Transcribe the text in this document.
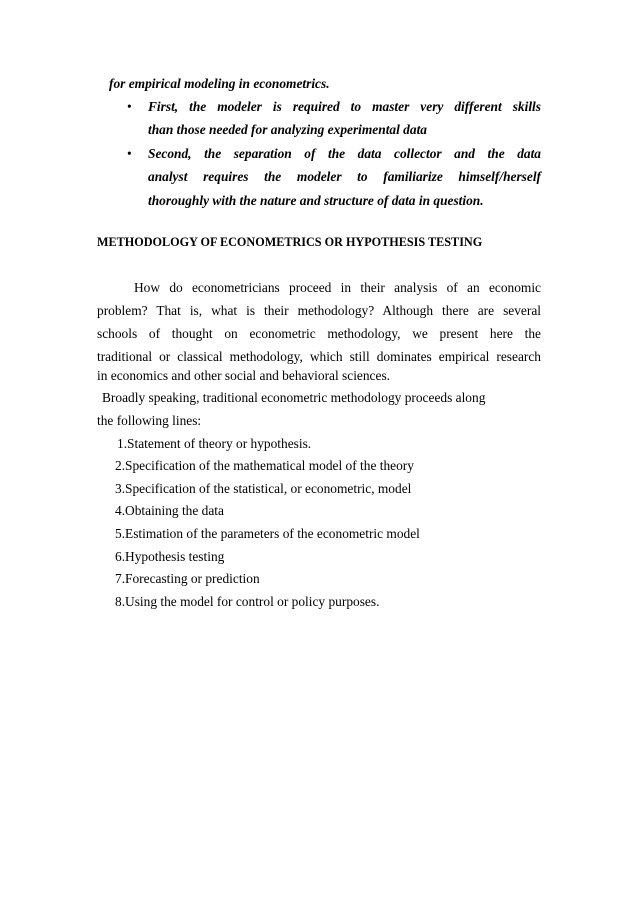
for empirical modeling in econometrics.
• First, the modeler is required to master very different skills
than those needed for analyzing experimental data
• Second, the separation of the data collector and the data
analyst requires the modeler to familiarize himself/herself
thoroughly with the nature and structure of data in question.
METHODOLOGY OF ECONOMETRICS OR HYPOTHESIS TESTING
How do econometricians proceed in their analysis of an economic
problem? That is, what is their methodology? Although there are several
schools of thought on econometric methodology, we present here the
traditional or classical methodology, which still dominates empirical research
in economics and other social and behavioral sciences.
Broadly speaking, traditional econometric methodology proceeds along
the following lines:
1.Statement of theory or hypothesis.
2.Specification of the mathematical model of the theory
3.Specification of the statistical, or econometric, model
4.Obtaining the data
5.Estimation of the parameters of the econometric model
6.Hypothesis testing
7.Forecasting or prediction
8.Using the model for control or policy purposes.
